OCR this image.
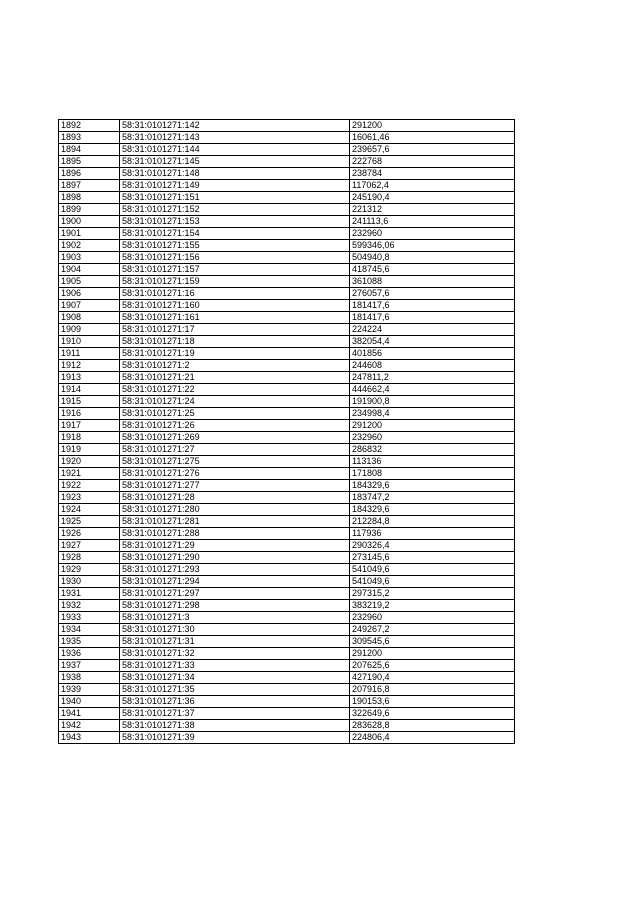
1892	58:31:0101271:142	291200
1893	58:31:0101271:143	16061,46
1894	58:31:0101271:144	239657,6
1895	58:31:0101271:145	222768
1896	58:31:0101271:148	238784
1897	58:31:0101271:149	117062,4
1898	58:31:0101271:151	245190,4
1899	58:31:0101271:152	221312
1900	58:31:0101271:153	241113,6
1901	58:31:0101271:154	232960
1902	58:31:0101271:155	599346,06
1903	58:31:0101271:156	504940,8
1904	58:31:0101271:157	418745,6
1905	58:31:0101271:159	361088
1906	58:31:0101271:16	276057,6
1907	58:31:0101271:160	181417,6
1908	58:31:0101271:161	181417,6
1909	58:31:0101271:17	224224
1910	58:31:0101271:18	382054,4
1911	58:31:0101271:19	401856
1912	58:31:0101271:2	244608
1913	58:31:0101271:21	247811,2
1914	58:31:0101271:22	444662,4
1915	58:31:0101271:24	191900,8
1916	58:31:0101271:25	234998,4
1917	58:31:0101271:26	291200
1918	58:31:0101271:269	232960
1919	58:31:0101271:27	286832
1920	58:31:0101271:275	113136
1921	58:31:0101271:276	171808
1922	58:31:0101271:277	184329,6
1923	58:31:0101271:28	183747,2
1924	58:31:0101271:280	184329,6
1925	58:31:0101271:281	212284,8
1926	58:31:0101271:288	117936
1927	58:31:0101271:29	290326,4
1928	58:31:0101271:290	273145,6
1929	58:31:0101271:293	541049,6
1930	58:31:0101271:294	541049,6
1931	58:31:0101271:297	297315,2
1932	58:31:0101271:298	383219,2
1933	58:31:0101271:3	232960
1934	58:31:0101271:30	249267,2
1935	58:31:0101271:31	309545,6
1936	58:31:0101271:32	291200
1937	58:31:0101271:33	207625,6
1938	58:31:0101271:34	427190,4
1939	58:31:0101271:35	207916,8
1940	58:31:0101271:36	190153,6
1941	58:31:0101271:37	322649,6
1942	58:31:0101271:38	283628,8
1943	58:31:0101271:39	224806,4
